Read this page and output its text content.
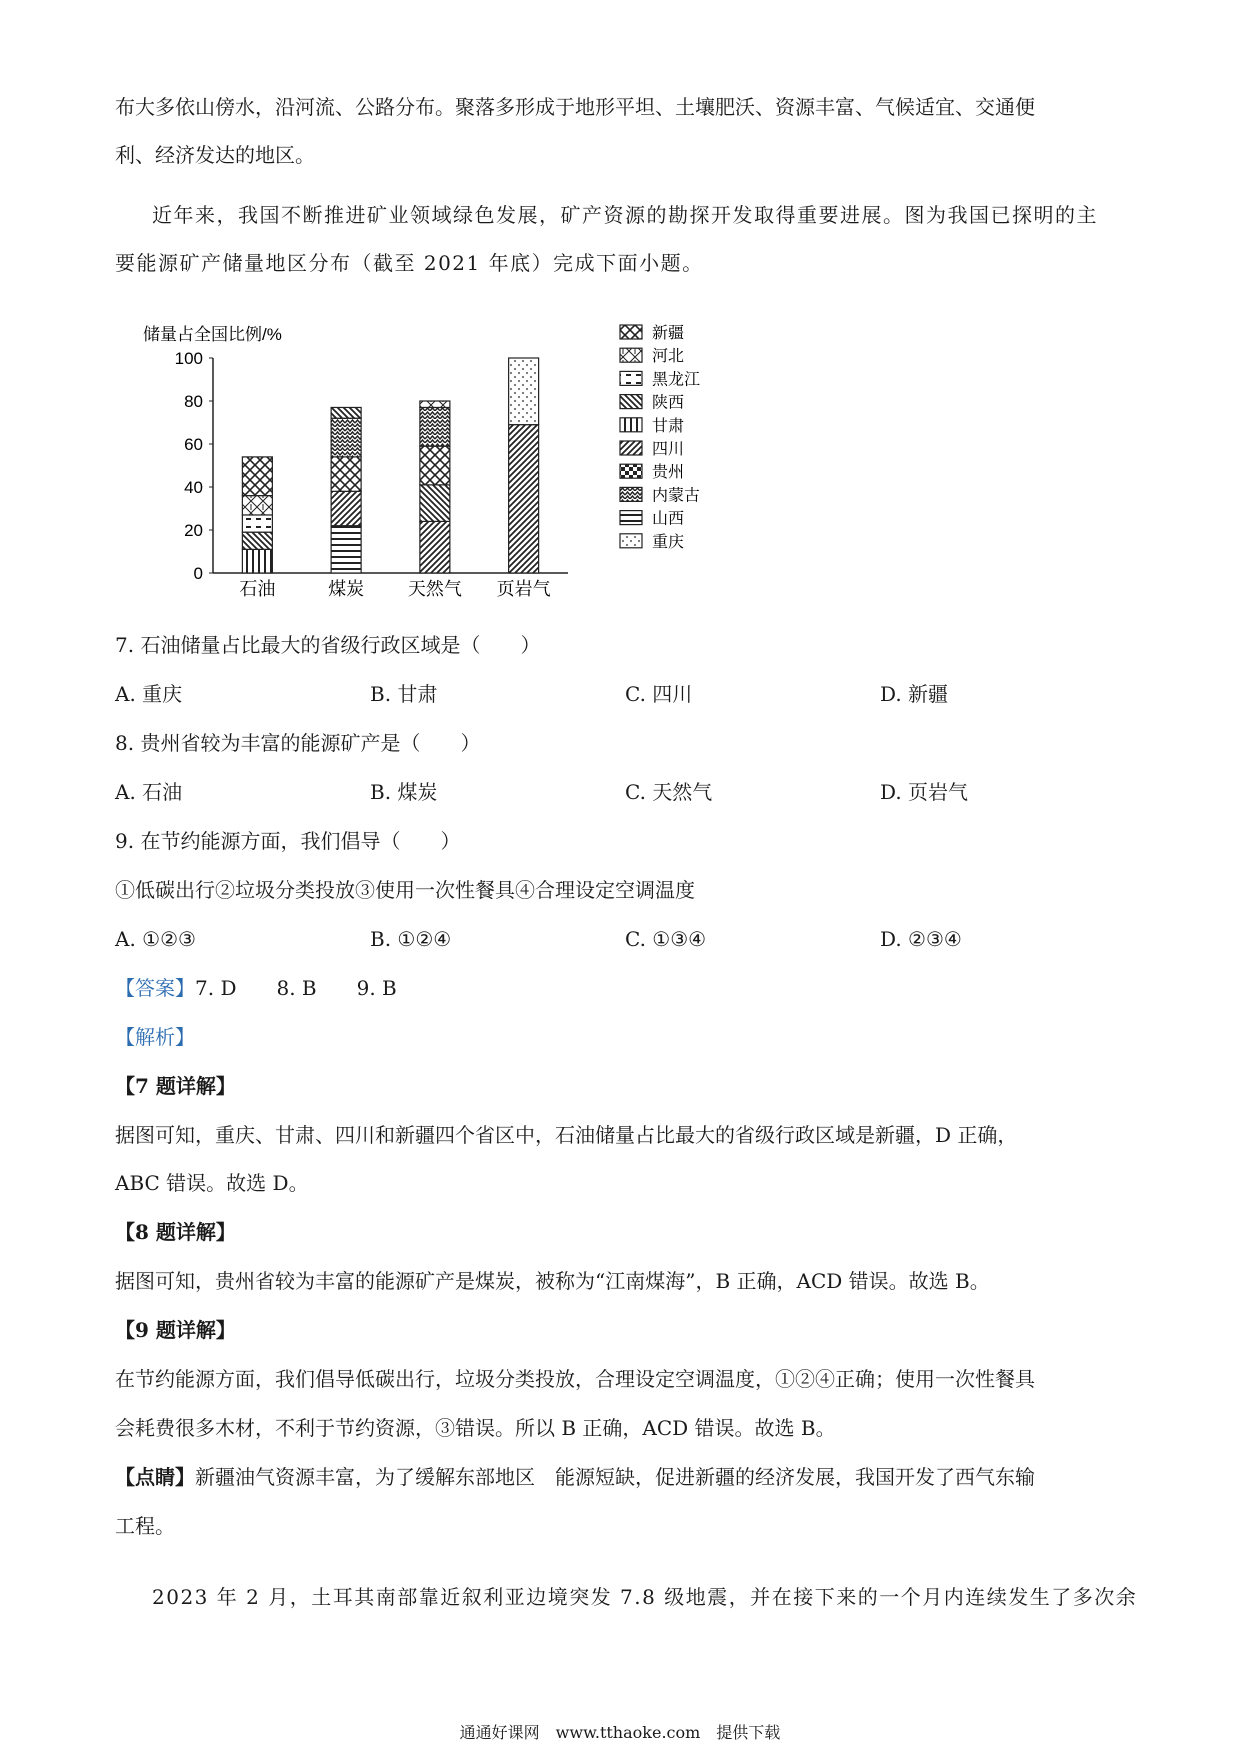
布大多依山傍水，沿河流、公路分布。聚落多形成于地形平坦、土壤肥沃、资源丰富、气候适宜、交通便

利、经济发达的地区。

近年来，我国不断推进矿业领域绿色发展，矿产资源的勘探开发取得重要进展。图为我国已探明的主

要能源矿产储量地区分布（截至 2021 年底）完成下面小题。

储量占全国比例/%
0
20
40
60
80
100
石油	煤炭 天然气 页岩气
新疆
河北
黑龙江
陕西
甘肃
四川
贵州
内蒙古
山西
重庆

7. 石油储量占比最大的省级行政区域是（　　）

A. 重庆	B. 甘肃	C. 四川	D. 新疆

8. 贵州省较为丰富的能源矿产是（　　）

A. 石油	B. 煤炭	C. 天然气	D. 页岩气

9. 在节约能源方面，我们倡导（　　）

①低碳出行②垃圾分类投放③使用一次性餐具④合理设定空调温度

A. ①②③	B. ①②④	C. ①③④	D. ②③④

【答案】7. D　　8. B　　9. B

【解析】

【7 题详解】

据图可知，重庆、甘肃、四川和新疆四个省区中，石油储量占比最大的省级行政区域是新疆，D 正确，

ABC 错误。故选 D。

【8 题详解】

据图可知，贵州省较为丰富的能源矿产是煤炭，被称为“江南煤海”，B 正确，ACD 错误。故选 B。

【9 题详解】

在节约能源方面，我们倡导低碳出行，垃圾分类投放，合理设定空调温度，①②④正确；使用一次性餐具

会耗费很多木材，不利于节约资源，③错误。所以 B 正确，ACD 错误。故选 B。

【点睛】新疆油气资源丰富，为了缓解东部地区　能源短缺，促进新疆的经济发展，我国开发了西气东输

工程。

2023 年 2 月，土耳其南部靠近叙利亚边境突发 7.8 级地震，并在接下来的一个月内连续发生了多次余

通通好课网　www.tthaoke.com　提供下载
